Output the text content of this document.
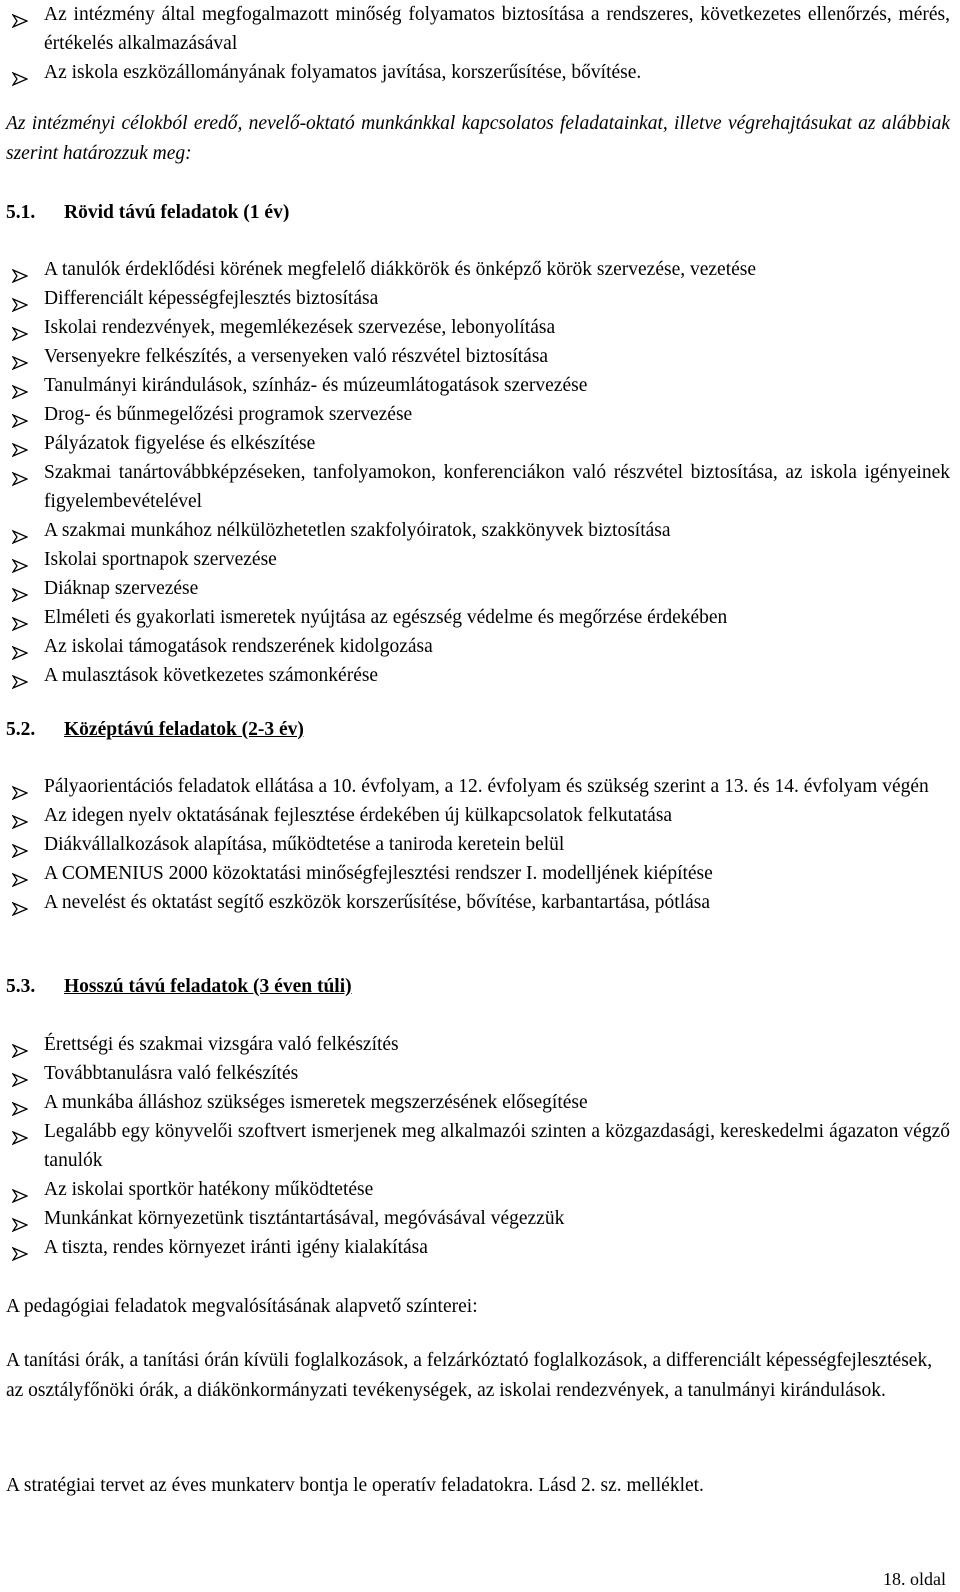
Az intézmény által megfogalmazott minőség folyamatos biztosítása a rendszeres, következetes ellenőrzés, mérés, értékelés alkalmazásával
Az iskola eszközállományának folyamatos javítása, korszerűsítése, bővítése.
Az intézményi célokból eredő, nevelő-oktató munkánkkal kapcsolatos feladatainkat, illetve végrehajtásukat az alábbiak szerint határozzuk meg:
5.1. Rövid távú feladatok (1 év)
A tanulók érdeklődési körének megfelelő diákkörök és önképző körök szervezése, vezetése
Differenciált képességfejlesztés biztosítása
Iskolai rendezvények, megemlékezések szervezése, lebonyolítása
Versenyekre felkészítés, a versenyeken való részvétel biztosítása
Tanulmányi kirándulások, színház- és múzeumlátogatások szervezése
Drog- és bűnmegelőzési programok szervezése
Pályázatok figyelése és elkészítése
Szakmai tanártovábbképzéseken, tanfolyamokon, konferenciákon való részvétel biztosítása, az iskola igényeinek figyelembevételével
A szakmai munkához nélkülözhetetlen szakfolyóiratok, szakkönyvek biztosítása
Iskolai sportnapok szervezése
Diáknap szervezése
Elméleti és gyakorlati ismeretek nyújtása az egészség védelme és megőrzése érdekében
Az iskolai támogatások rendszerének kidolgozása
A mulasztások következetes számonkérése
5.2. Középtávú feladatok (2-3 év)
Pályaorientációs feladatok ellátása a 10. évfolyam, a 12. évfolyam és szükség szerint a 13. és 14. évfolyam végén
Az idegen nyelv oktatásának fejlesztése érdekében új külkapcsolatok felkutatása
Diákvállalkozások alapítása, működtetése a taniroda keretein belül
A COMENIUS 2000 közoktatási minőségfejlesztési rendszer I. modelljének kiépítése
A nevelést és oktatást segítő eszközök korszerűsítése, bővítése, karbantartása, pótlása
5.3. Hosszú távú feladatok (3 éven túli)
Érettségi és szakmai vizsgára való felkészítés
Továbbtanulásra való felkészítés
A munkába álláshoz szükséges ismeretek megszerzésének elősegítése
Legalább egy könyvelői szoftvert ismerjenek meg alkalmazói szinten a közgazdasági, kereskedelmi ágazaton végző tanulók
Az iskolai sportkör hatékony működtetése
Munkánkat környezetünk tisztántartásával, megóvásával végezzük
A tiszta, rendes környezet iránti igény kialakítása
A pedagógiai feladatok megvalósításának alapvető színterei:
A tanítási órák, a tanítási órán kívüli foglalkozások, a felzárkóztató foglalkozások, a differenciált képességfejlesztések, az osztályfőnöki órák, a diákönkormányzati tevékenységek, az iskolai rendezvények, a tanulmányi kirándulások.
A stratégiai tervet az éves munkaterv bontja le operatív feladatokra. Lásd 2. sz. melléklet.
18. oldal
